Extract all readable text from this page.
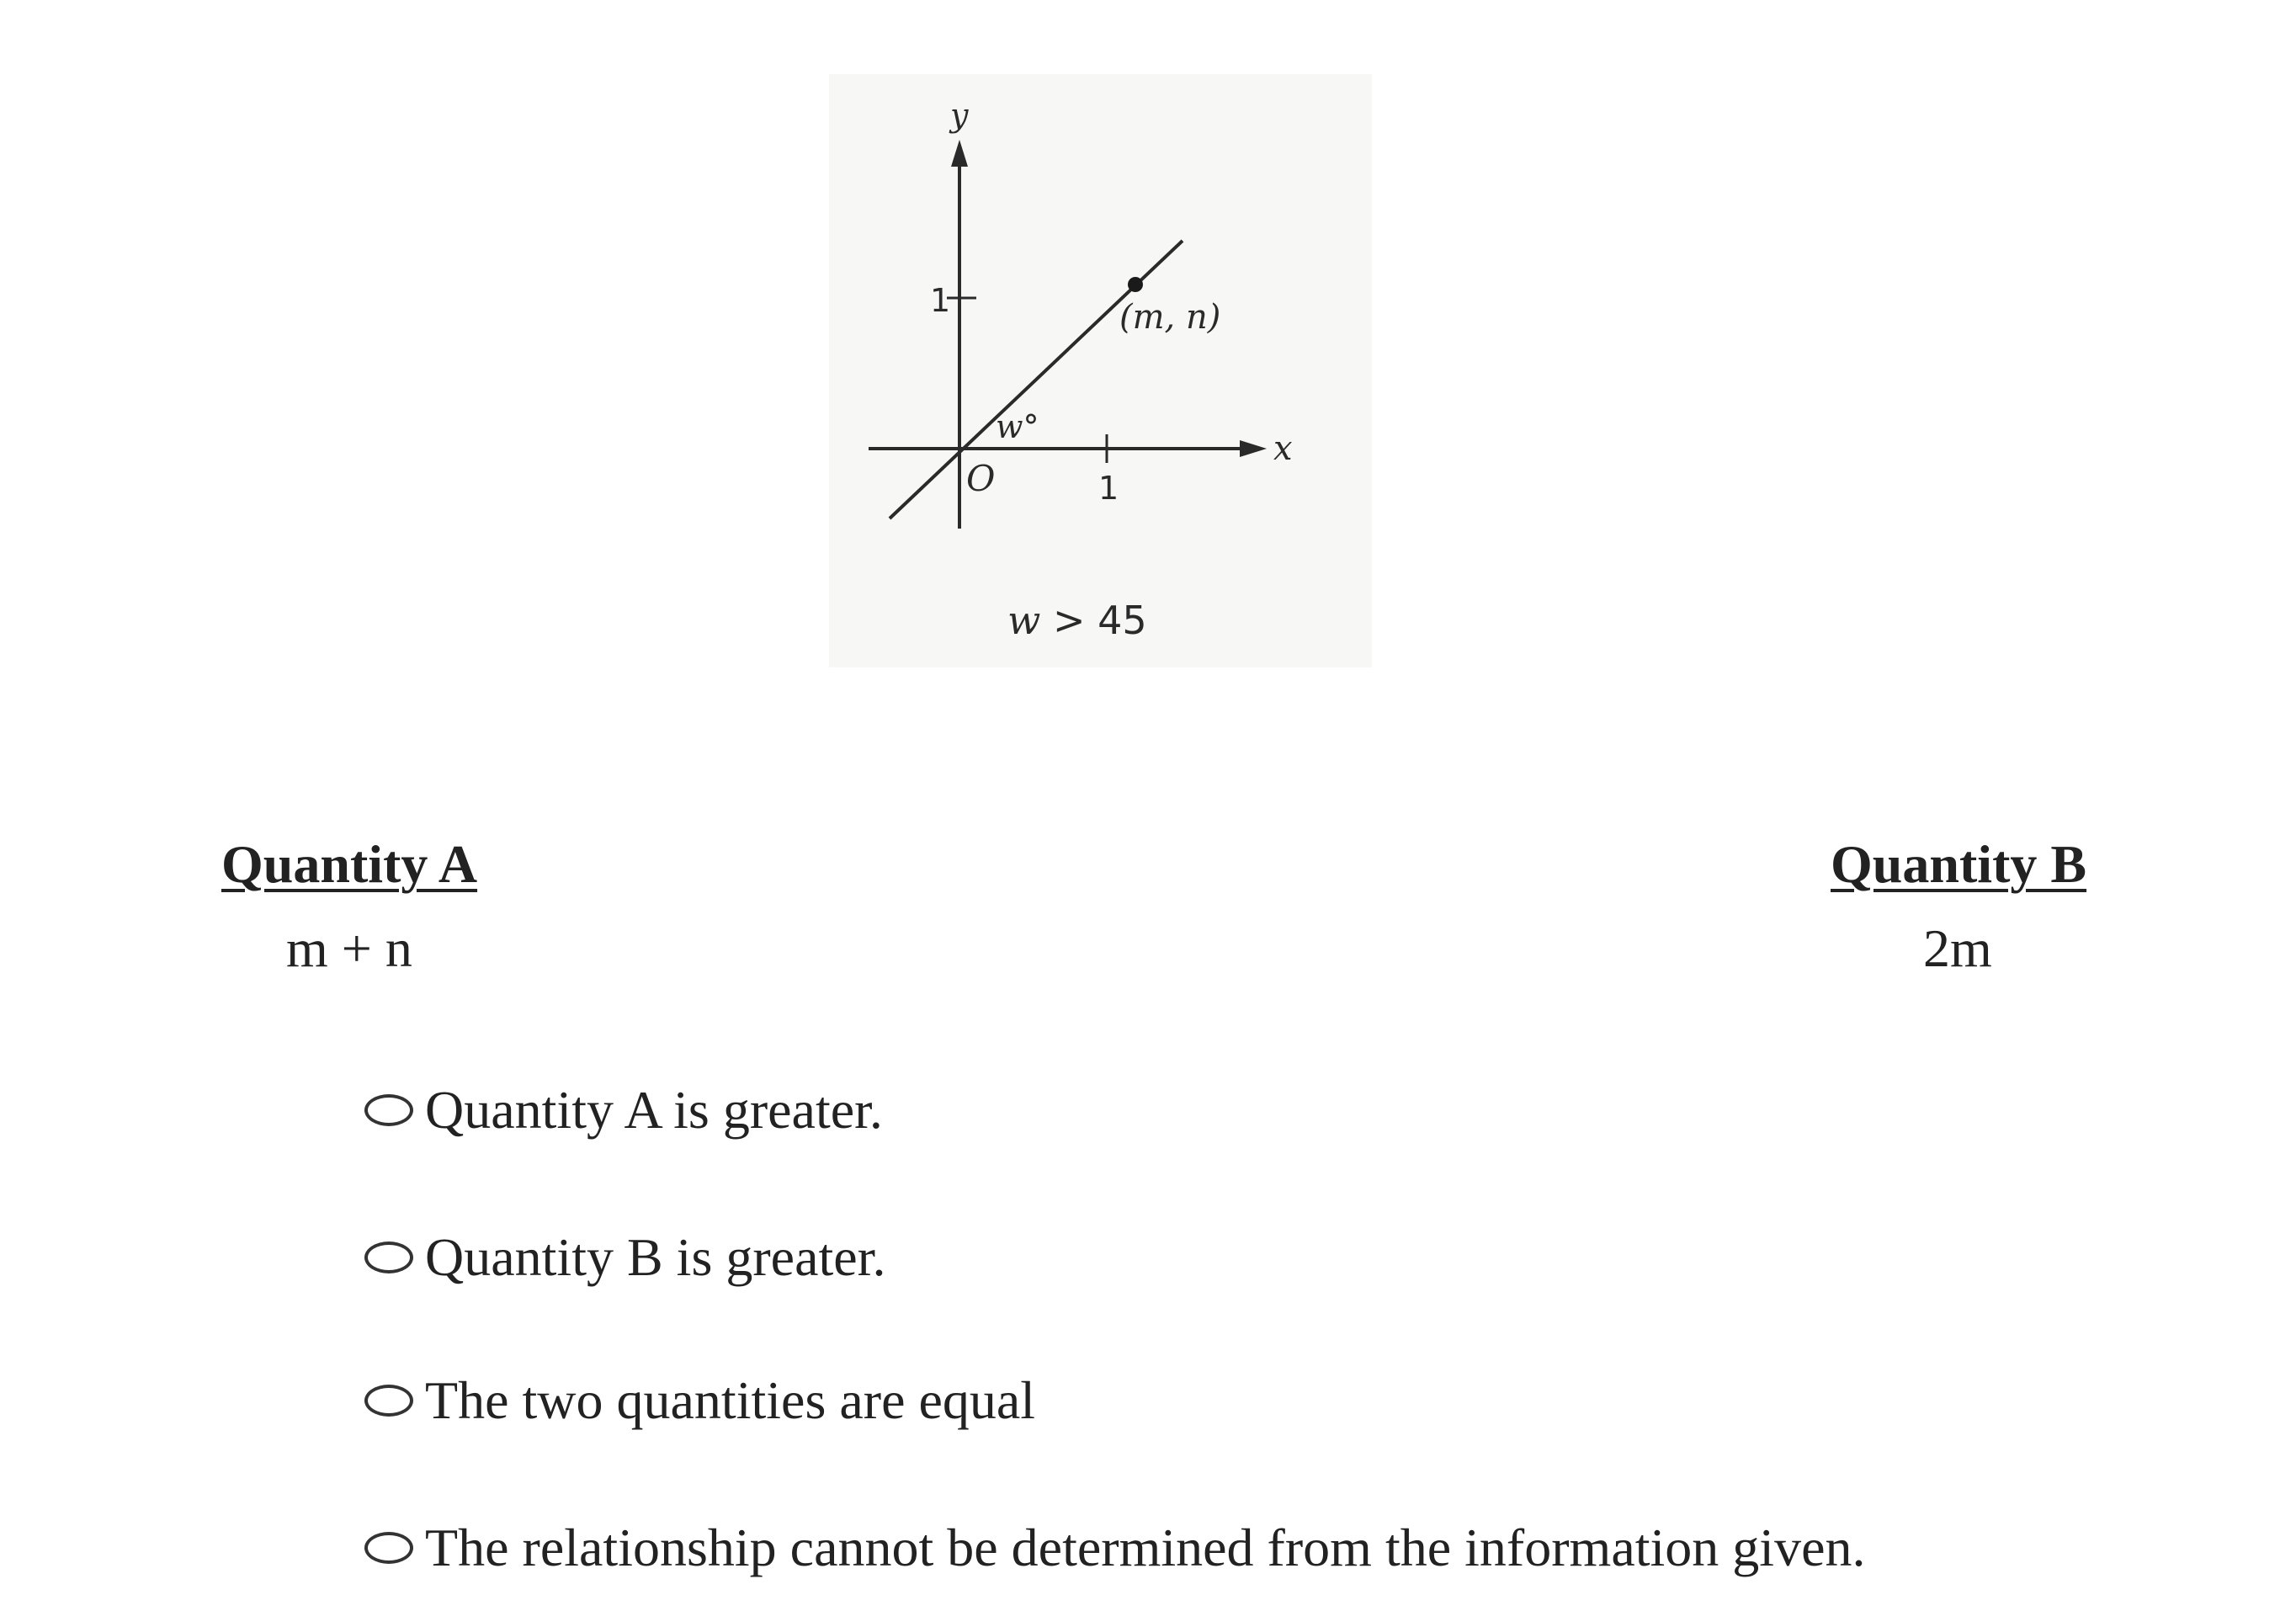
y
x
1
1
O
(m, n)
w°
w > 45
Quantity A	Quantity B
m + n	2m
Quantity A is greater.
Quantity B is greater.
The two quantities are equal
The relationship cannot be determined from the information given.
